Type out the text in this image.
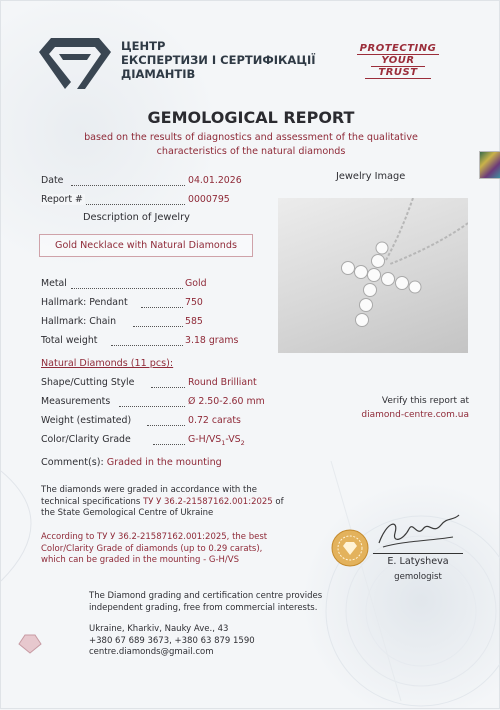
ЦЕНТР
ЕКСПЕРТИЗИ І СЕРТИФІКАЦІЇ
ДІАМАНТІВ
PROTECTING
YOUR
TRUST
GEMOLOGICAL REPORT
based on the results of diagnostics and assessment of the qualitative
characteristics of the natural diamonds
Date	04.01.2026
Report #	0000795
Jewelry Image
Description of Jewelry
Gold Necklace with Natural Diamonds
Metal	Gold
Hallmark: Pendant	750
Hallmark: Chain	585
Total weight	3.18 grams
Natural Diamonds (11 pcs):
Shape/Cutting Style	Round Brilliant
Measurements	Ø 2.50-2.60 mm
Weight (estimated)	0.72 carats
Color/Clarity Grade	$G-H/VS_1-VS_2$
Verify this report at
diamond-centre.com.ua
Comment(s): Graded in the mounting
The diamonds were graded in accordance with the
technical specifications ТУ У 36.2-21587162.001:2025 of
the State Gemological Centre of Ukraine
According to ТУ У 36.2-21587162.001:2025, the best
Color/Clarity Grade of diamonds (up to 0.29 carats),
which can be graded in the mounting - G-H/VS	E. Latysheva
gemologist
The Diamond grading and certification centre provides
independent grading, free from commercial interests.
Ukraine, Kharkiv, Nauky Ave., 43
+380 67 689 3673, +380 63 879 1590
centre.diamonds@gmail.com
